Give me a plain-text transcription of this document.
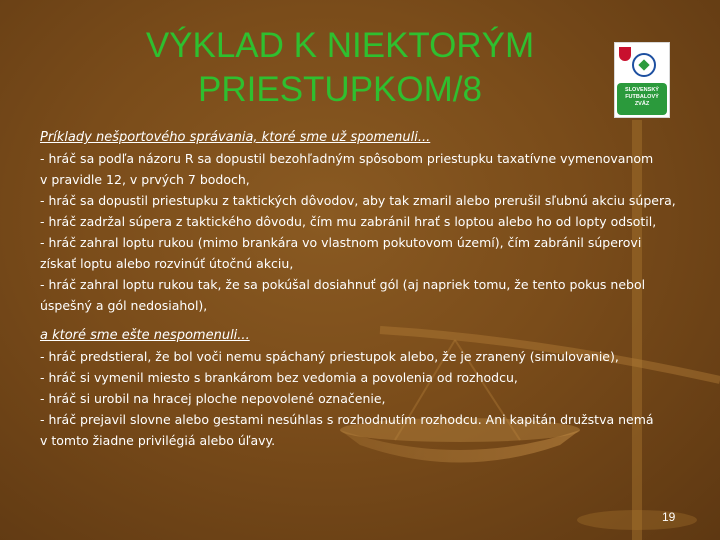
VÝKLAD K NIEKTORÝM
PRIESTUPKOM/8	SLOVENSKÝ
FUTBALOVÝ
ZVÄZ

Príklady nešportového správania, ktoré sme už spomenuli...

- hráč sa podľa názoru R sa dopustil bezohľadným spôsobom priestupku taxatívne vymenovanom

v pravidle 12, v prvých 7 bodoch,

- hráč sa dopustil priestupku z taktických dôvodov, aby tak zmaril alebo prerušil sľubnú akciu súpera,

- hráč zadržal súpera z taktického dôvodu, čím mu zabránil hrať s loptou alebo ho od lopty odsotil,

- hráč zahral loptu rukou (mimo brankára vo vlastnom pokutovom území), čím zabránil súperovi

získať loptu alebo rozvinúť útočnú akciu,

- hráč zahral loptu rukou tak, že sa pokúšal dosiahnuť gól (aj napriek tomu, že tento pokus nebol

úspešný a gól nedosiahol),

a ktoré sme ešte nespomenuli...

- hráč predstieral, že bol voči nemu spáchaný priestupok alebo, že je zranený (simulovanie),

- hráč si vymenil miesto s brankárom bez vedomia a povolenia od rozhodcu,

- hráč si urobil na hracej ploche nepovolené označenie,

- hráč prejavil slovne alebo gestami nesúhlas s rozhodnutím rozhodcu. Ani kapitán družstva nemá

v tomto žiadne privilégiá alebo úľavy.

19
